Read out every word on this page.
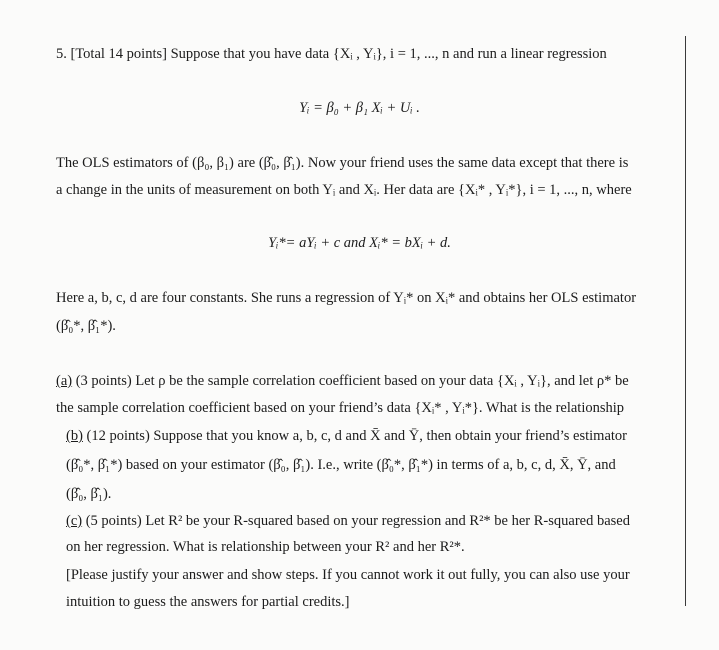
5. [Total 14 points] Suppose that you have data {Xᵢ , Yᵢ}, i = 1, ..., n and run a linear regression
Yᵢ = β₀ + β₁ Xᵢ + Uᵢ .
The OLS estimators of (β₀, β₁) are (β̂₀, β̂₁). Now your friend uses the same data except that there is
a change in the units of measurement on both Yᵢ and Xᵢ. Her data are {Xᵢ* , Yᵢ*}, i = 1, ..., n, where
Yᵢ*= aYᵢ + c and Xᵢ* = bXᵢ + d.
Here a, b, c, d are four constants. She runs a regression of Yᵢ* on Xᵢ* and obtains her OLS estimator
(β̂₀*, β̂₁*).
(a) (3 points) Let ρ be the sample correlation coefficient based on your data {Xᵢ , Yᵢ}, and let ρ* be
the sample correlation coefficient based on your friend’s data {Xᵢ* , Yᵢ*}. What is the relationship
(b) (12 points) Suppose that you know a, b, c, d and X̄ and Ȳ, then obtain your friend’s estimator
(β̂₀*, β̂₁*) based on your estimator (β̂₀, β̂₁). I.e., write (β̂₀*, β̂₁*) in terms of a, b, c, d, X̄, Ȳ, and
(β̂₀, β̂₁).
(c) (5 points) Let R² be your R-squared based on your regression and R²* be her R-squared based
on her regression. What is relationship between your R² and her R²*.
[Please justify your answer and show steps. If you cannot work it out fully, you can also use your
intuition to guess the answers for partial credits.]
